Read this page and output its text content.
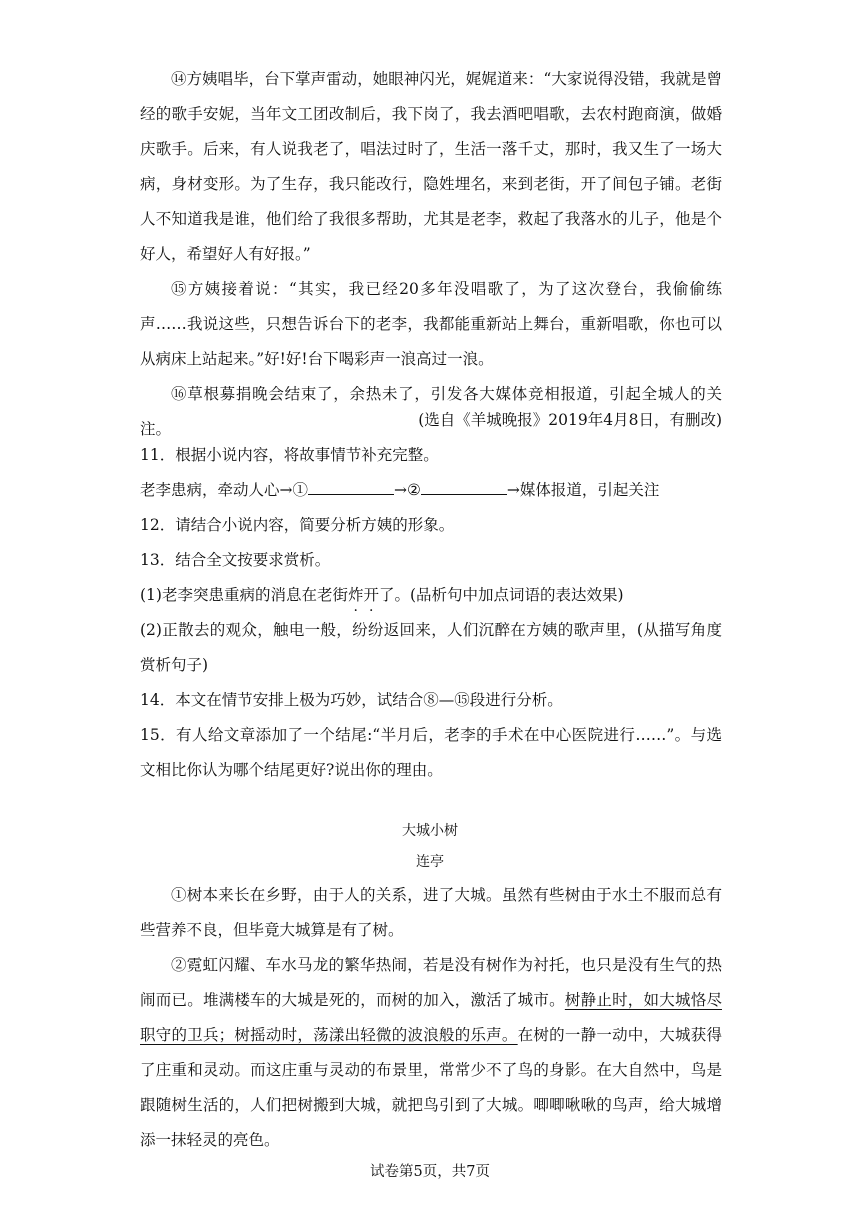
⑭方姨唱毕，台下掌声雷动，她眼神闪光，娓娓道来：“大家说得没错，我就是曾经的歌手安妮，当年文工团改制后，我下岗了，我去酒吧唱歌，去农村跑商演，做婚庆歌手。后来，有人说我老了，唱法过时了，生活一落千丈，那时，我又生了一场大病，身材变形。为了生存，我只能改行，隐姓埋名，来到老街，开了间包子铺。老街人不知道我是谁，他们给了我很多帮助，尤其是老李，救起了我落水的儿子，他是个好人，希望好人有好报。”

⑮方姨接着说：“其实，我已经20多年没唱歌了，为了这次登台，我偷偷练声……我说这些，只想告诉台下的老李，我都能重新站上舞台，重新唱歌，你也可以从病床上站起来。”好!好!台下喝彩声一浪高过一浪。

⑯草根募捐晚会结束了，余热未了，引发各大媒体竞相报道，引起全城人的关注。	(选自《羊城晚报》2019年4月8日，有删改)

11．根据小说内容，将故事情节补充完整。

老李患病，牵动人心→①	→②	→媒体报道，引起关注

12．请结合小说内容，简要分析方姨的形象。

13．结合全文按要求赏析。

(1)老李突患重病的消息在老街炸开了。(品析句中加点词语的表达效果)

(2)正散去的观众，触电一般，纷纷返回来，人们沉醉在方姨的歌声里，(从描写角度赏析句子)

14．本文在情节安排上极为巧妙，试结合⑧—⑮段进行分析。

15．有人给文章添加了一个结尾:“半月后，老李的手术在中心医院进行……”。与选文相比你认为哪个结尾更好?说出你的理由。

大城小树
连亭

①树本来长在乡野，由于人的关系，进了大城。虽然有些树由于水土不服而总有些营养不良，但毕竟大城算是有了树。

②霓虹闪耀、车水马龙的繁华热闹，若是没有树作为衬托，也只是没有生气的热闹而已。堆满楼车的大城是死的，而树的加入，激活了城市。树静止时，如大城恪尽职守的卫兵；树摇动时，荡漾出轻微的波浪般的乐声。在树的一静一动中，大城获得了庄重和灵动。而这庄重与灵动的布景里，常常少不了鸟的身影。在大自然中，鸟是跟随树生活的，人们把树搬到大城，就把鸟引到了大城。唧唧啾啾的鸟声，给大城增添一抹轻灵的亮色。

试卷第5页，共7页
